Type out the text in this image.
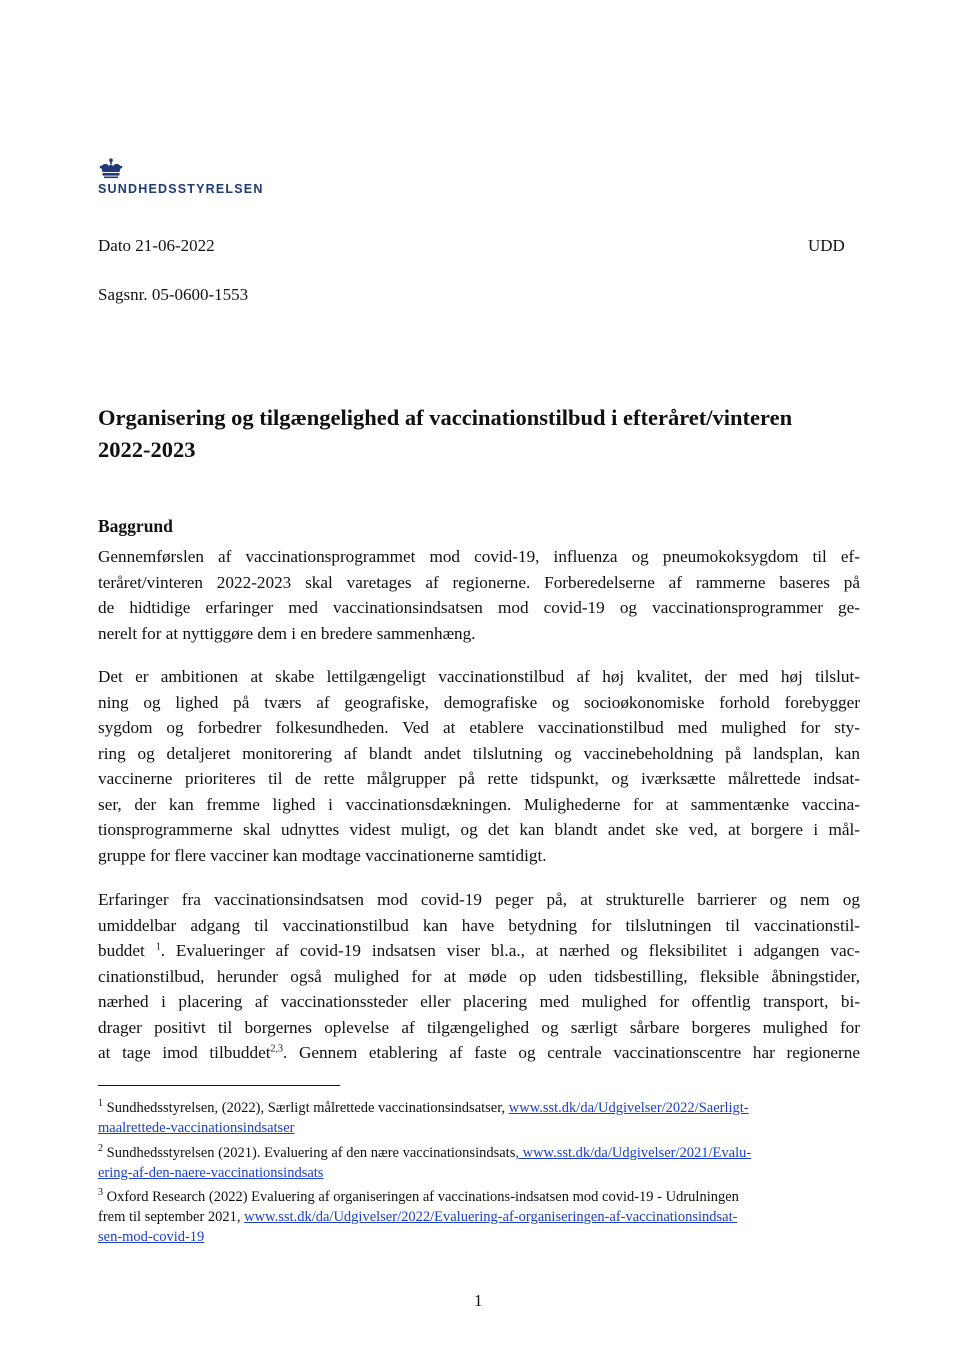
SUNDHEDSSTYRELSEN
Dato 21-06-2022	UDD
Sagsnr. 05-0600-1553
Organisering og tilgængelighed af vaccinationstilbud i efteråret/vinteren
2022-2023
Baggrund

Gennemførslen af vaccinationsprogrammet mod covid-19, influenza og pneumokoksygdom til ef-
teråret/vinteren 2022-2023 skal varetages af regionerne. Forberedelserne af rammerne baseres på
de hidtidige erfaringer med vaccinationsindsatsen mod covid-19 og vaccinationsprogrammer ge-
nerelt for at nyttiggøre dem i en bredere sammenhæng.

Det er ambitionen at skabe lettilgængeligt vaccinationstilbud af høj kvalitet, der med høj tilslut-
ning og lighed på tværs af geografiske, demografiske og socioøkonomiske forhold forebygger
sygdom og forbedrer folkesundheden. Ved at etablere vaccinationstilbud med mulighed for sty-
ring og detaljeret monitorering af blandt andet tilslutning og vaccinebeholdning på landsplan, kan
vaccinerne prioriteres til de rette målgrupper på rette tidspunkt, og iværksætte målrettede indsat-
ser, der kan fremme lighed i vaccinationsdækningen. Mulighederne for at sammentænke vaccina-
tionsprogrammerne skal udnyttes videst muligt, og det kan blandt andet ske ved, at borgere i mål-
gruppe for flere vacciner kan modtage vaccinationerne samtidigt.

Erfaringer fra vaccinationsindsatsen mod covid-19 peger på, at strukturelle barrierer og nem og
umiddelbar adgang til vaccinationstilbud kan have betydning for tilslutningen til vaccinationstil-
buddet $^1$. Evalueringer af covid-19 indsatsen viser bl.a., at nærhed og fleksibilitet i adgangen vac-
cinationstilbud, herunder også mulighed for at møde op uden tidsbestilling, fleksible åbningstider,
nærhed i placering af vaccinationssteder eller placering med mulighed for offentlig transport, bi-
drager positivt til borgernes oplevelse af tilgængelighed og særligt sårbare borgeres mulighed for
at tage imod tilbuddet$^{2,3}$. Gennem etablering af faste og centrale vaccinationscentre har regionerne

$^1$ Sundhedsstyrelsen, (2022), Særligt målrettede vaccinationsindsatser, www.sst.dk/da/Udgivelser/2022/Saerligt-
maalrettede-vaccinationsindsatser

$^2$ Sundhedsstyrelsen (2021). Evaluering af den nære vaccinationsindsats, www.sst.dk/da/Udgivelser/2021/Evalu-
ering-af-den-naere-vaccinationsindsats

$^3$ Oxford Research (2022) Evaluering af organiseringen af vaccinations-indsatsen mod covid-19 - Udrulningen
frem til september 2021, www.sst.dk/da/Udgivelser/2022/Evaluering-af-organiseringen-af-vaccinationsindsat-
sen-mod-covid-19

1
